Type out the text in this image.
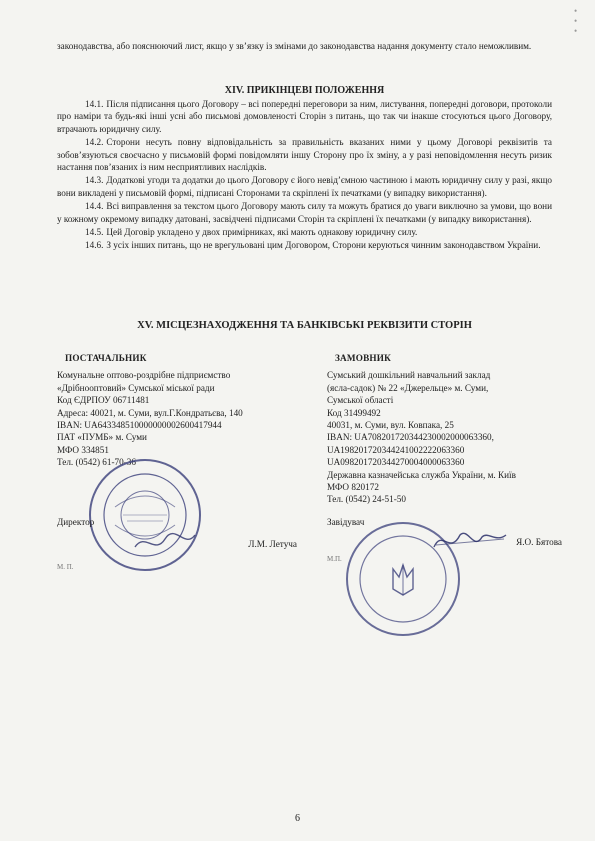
•
•
•

законодавства, або пояснюючий лист, якщо у зв’язку із змінами до законодавства надання документу стало неможливим.

XIV. ПРИКІНЦЕВІ ПОЛОЖЕННЯ

14.1. Після підписання цього Договору – всі попередні переговори за ним, листування, попередні договори, протоколи про наміри та будь-які інші усні або письмові домовленості Сторін з питань, що так чи інакше стосуються цього Договору, втрачають юридичну силу.

14.2. Сторони несуть повну відповідальність за правильність вказаних ними у цьому Договорі реквізитів та зобов’язуються своєчасно у письмовій формі повідомляти іншу Сторону про їх зміну, а у разі неповідомлення несуть ризик настання пов’язаних із ним несприятливих наслідків.

14.3. Додаткові угоди та додатки до цього Договору є його невід’ємною частиною і мають юридичну силу у разі, якщо вони викладені у письмовій формі, підписані Сторонами та скріплені їх печатками (у випадку використання).

14.4. Всі виправлення за текстом цього Договору мають силу та можуть братися до уваги виключно за умови, що вони у кожному окремому випадку датовані, засвідчені підписами Сторін та скріплені їх печатками (у випадку використання).

14.5. Цей Договір укладено у двох примірниках, які мають однакову юридичну силу.

14.6. З усіх інших питань, що не врегульовані цим Договором, Сторони керуються чинним законодавством України.

XV. МІСЦЕЗНАХОДЖЕННЯ ТА БАНКІВСЬКІ РЕКВІЗИТИ СТОРІН
ПОСТАЧАЛЬНИК
Комунальне оптово-роздрібне підприємство
«Дрібнооптовий» Сумської міської ради
Код ЄДРПОУ 06711481
Адреса: 40021, м. Суми, вул.Г.Кондратьєва, 140
IBAN: UA643348510000000002600417944
ПАТ «ПУМБ» м. Суми
МФО 334851
Тел. (0542) 61-70-36
ЗАМОВНИК
Сумський дошкільний навчальний заклад
(ясла-садок) № 22 «Джерельце» м. Суми,
Сумської області
Код 31499492
40031, м. Суми, вул. Ковпака, 25
IBAN: UA708201720344230002000063360,
UA198201720344241002222063360
UA098201720344270004000063360
Державна казначейська служба України, м. Київ
МФО 820172
Тел. (0542) 24-51-50
Директор
Л.М. Летуча
Завідувач
Я.О. Бятова
М. П.
М.П.
6
